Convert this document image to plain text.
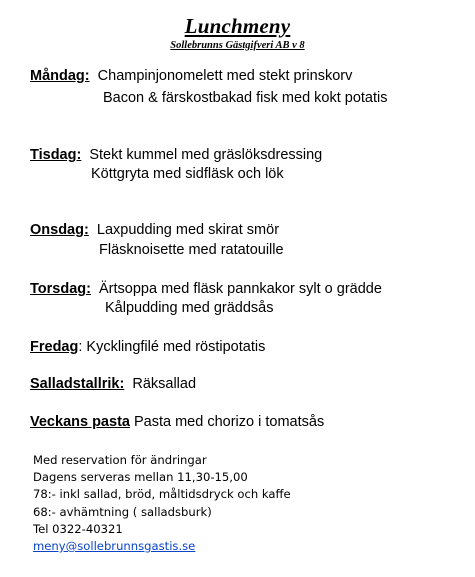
Lunchmeny
Sollebrunns Gästgifveri AB v 8
Måndag: Champinjonomelett med stekt prinskorv
Bacon & färskostbakad fisk med kokt potatis
Tisdag: Stekt kummel med gräslöksdressing
Köttgryta med sidfläsk och lök
Onsdag: Laxpudding med skirat smör
Fläsknoisette med ratatouille
Torsdag: Ärtsoppa med fläsk pannkakor sylt o grädde
Kålpudding med gräddsås
Fredag: Kycklingfilé med röstipotatis
Salladstallrik: Räksallad
Veckans pasta Pasta med chorizo i tomatsås
Med reservation för ändringar
Dagens serveras mellan 11,30-15,00
78:- inkl sallad, bröd, måltidsdryck och kaffe
68:- avhämtning ( salladsburk)
Tel 0322-40321
meny@sollebrunnsgastis.se
